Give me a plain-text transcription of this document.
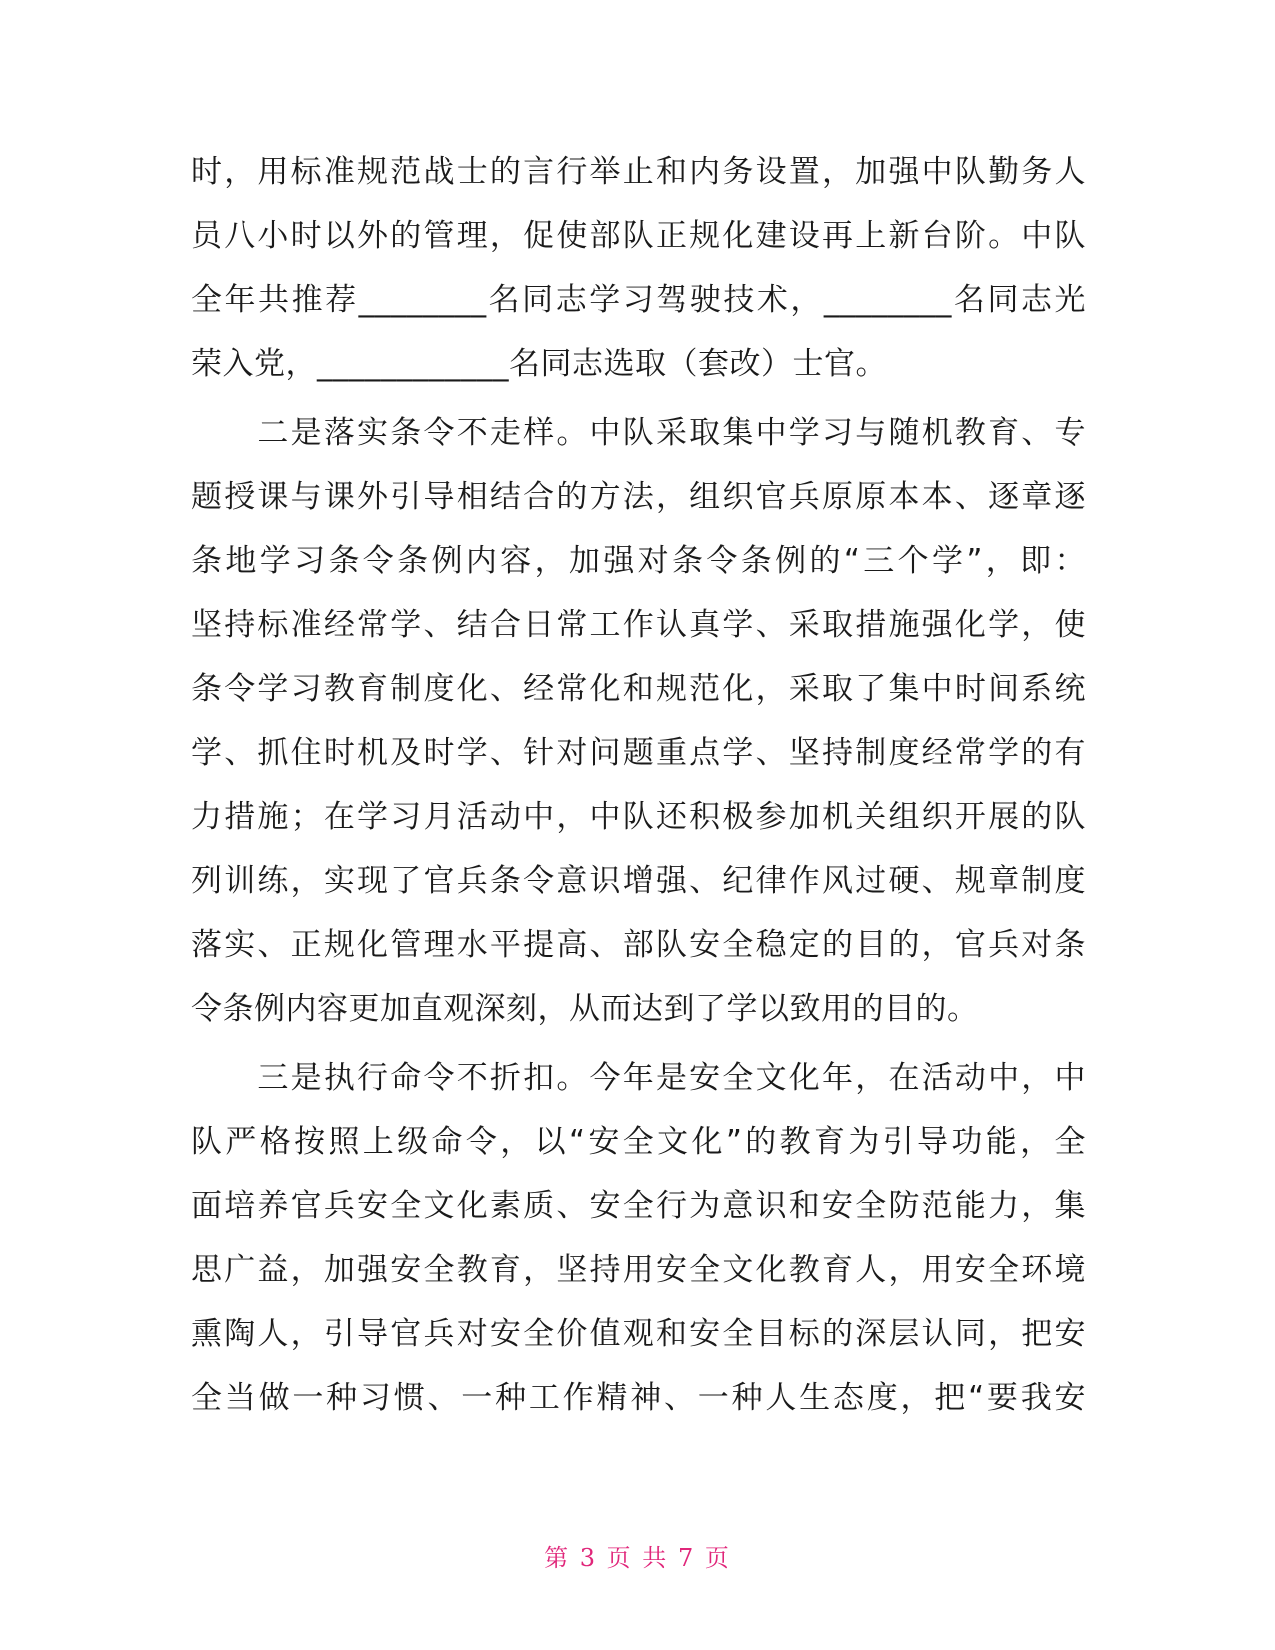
时，用标准规范战士的言行举止和内务设置，加强中队勤务人
员八小时以外的管理，促使部队正规化建设再上新台阶。中队
全年共推荐________名同志学习驾驶技术，________名同志光
荣入党，____________名同志选取（套改）士官。
　　二是落实条令不走样。中队采取集中学习与随机教育、专
题授课与课外引导相结合的方法，组织官兵原原本本、逐章逐
条地学习条令条例内容，加强对条令条例的“三个学”，即：
坚持标准经常学、结合日常工作认真学、采取措施强化学，使
条令学习教育制度化、经常化和规范化，采取了集中时间系统
学、抓住时机及时学、针对问题重点学、坚持制度经常学的有
力措施；在学习月活动中，中队还积极参加机关组织开展的队
列训练，实现了官兵条令意识增强、纪律作风过硬、规章制度
落实、正规化管理水平提高、部队安全稳定的目的，官兵对条
令条例内容更加直观深刻，从而达到了学以致用的目的。
　　三是执行命令不折扣。今年是安全文化年，在活动中，中
队严格按照上级命令，以“安全文化”的教育为引导功能，全
面培养官兵安全文化素质、安全行为意识和安全防范能力，集
思广益，加强安全教育，坚持用安全文化教育人，用安全环境
熏陶人，引导官兵对安全价值观和安全目标的深层认同，把安
全当做一种习惯、一种工作精神、一种人生态度，把“要我安
第 3 页 共 7 页
